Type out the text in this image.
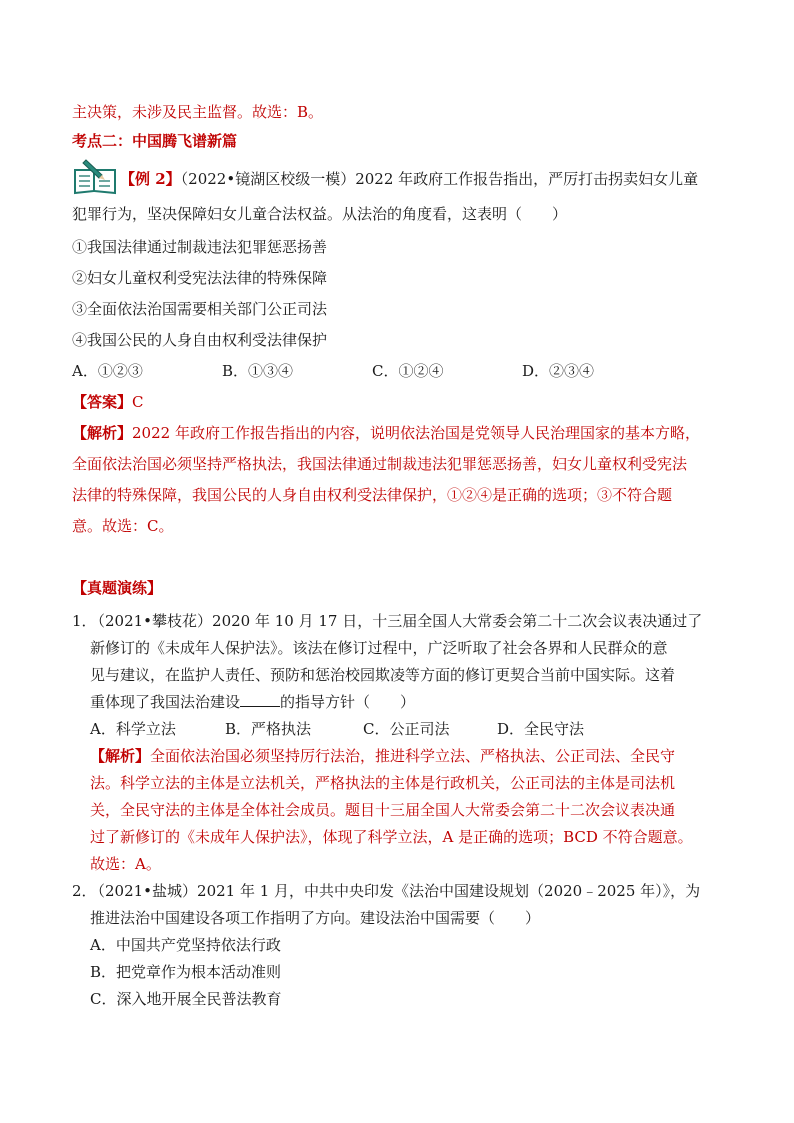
主决策，未涉及民主监督。故选：B。
考点二：中国腾飞谱新篇
【例 2】（2022•镜湖区校级一模）2022 年政府工作报告指出，严厉打击拐卖妇女儿童
犯罪行为，坚决保障妇女儿童合法权益。从法治的角度看，这表明（　　）
①我国法律通过制裁违法犯罪惩恶扬善
②妇女儿童权利受宪法法律的特殊保障
③全面依法治国需要相关部门公正司法
④我国公民的人身自由权利受法律保护
A．①②③	B．①③④	C．①②④	D．②③④
【答案】C
【解析】2022 年政府工作报告指出的内容，说明依法治国是党领导人民治理国家的基本方略，
全面依法治国必须坚持严格执法，我国法律通过制裁违法犯罪惩恶扬善，妇女儿童权利受宪法
法律的特殊保障，我国公民的人身自由权利受法律保护，①②④是正确的选项；③不符合题
意。故选：C。
【真题演练】
1．
（2021•攀枝花）2020 年 10 月 17 日，十三届全国人大常委会第二十二次会议表决通过了
新修订的《未成年人保护法》。该法在修订过程中，广泛听取了社会各界和人民群众的意
见与建议，在监护人责任、预防和惩治校园欺凌等方面的修订更契合当前中国实际。这着
重体现了我国法治建设	的指导方针（　　）
A．科学立法	B．严格执法	C．公正司法	D．全民守法
【解析】全面依法治国必须坚持厉行法治，推进科学立法、严格执法、公正司法、全民守
法。科学立法的主体是立法机关，严格执法的主体是行政机关，公正司法的主体是司法机
关，全民守法的主体是全体社会成员。题目十三届全国人大常委会第二十二次会议表决通
过了新修订的《未成年人保护法》，体现了科学立法，A 是正确的选项；BCD 不符合题意。
故选：A。
2．
（2021•盐城）2021 年 1 月，中共中央印发《法治中国建设规划（2020﹣2025 年）》，为
推进法治中国建设各项工作指明了方向。建设法治中国需要（　　）
A．中国共产党坚持依法行政
B．把党章作为根本活动准则
C．深入地开展全民普法教育
